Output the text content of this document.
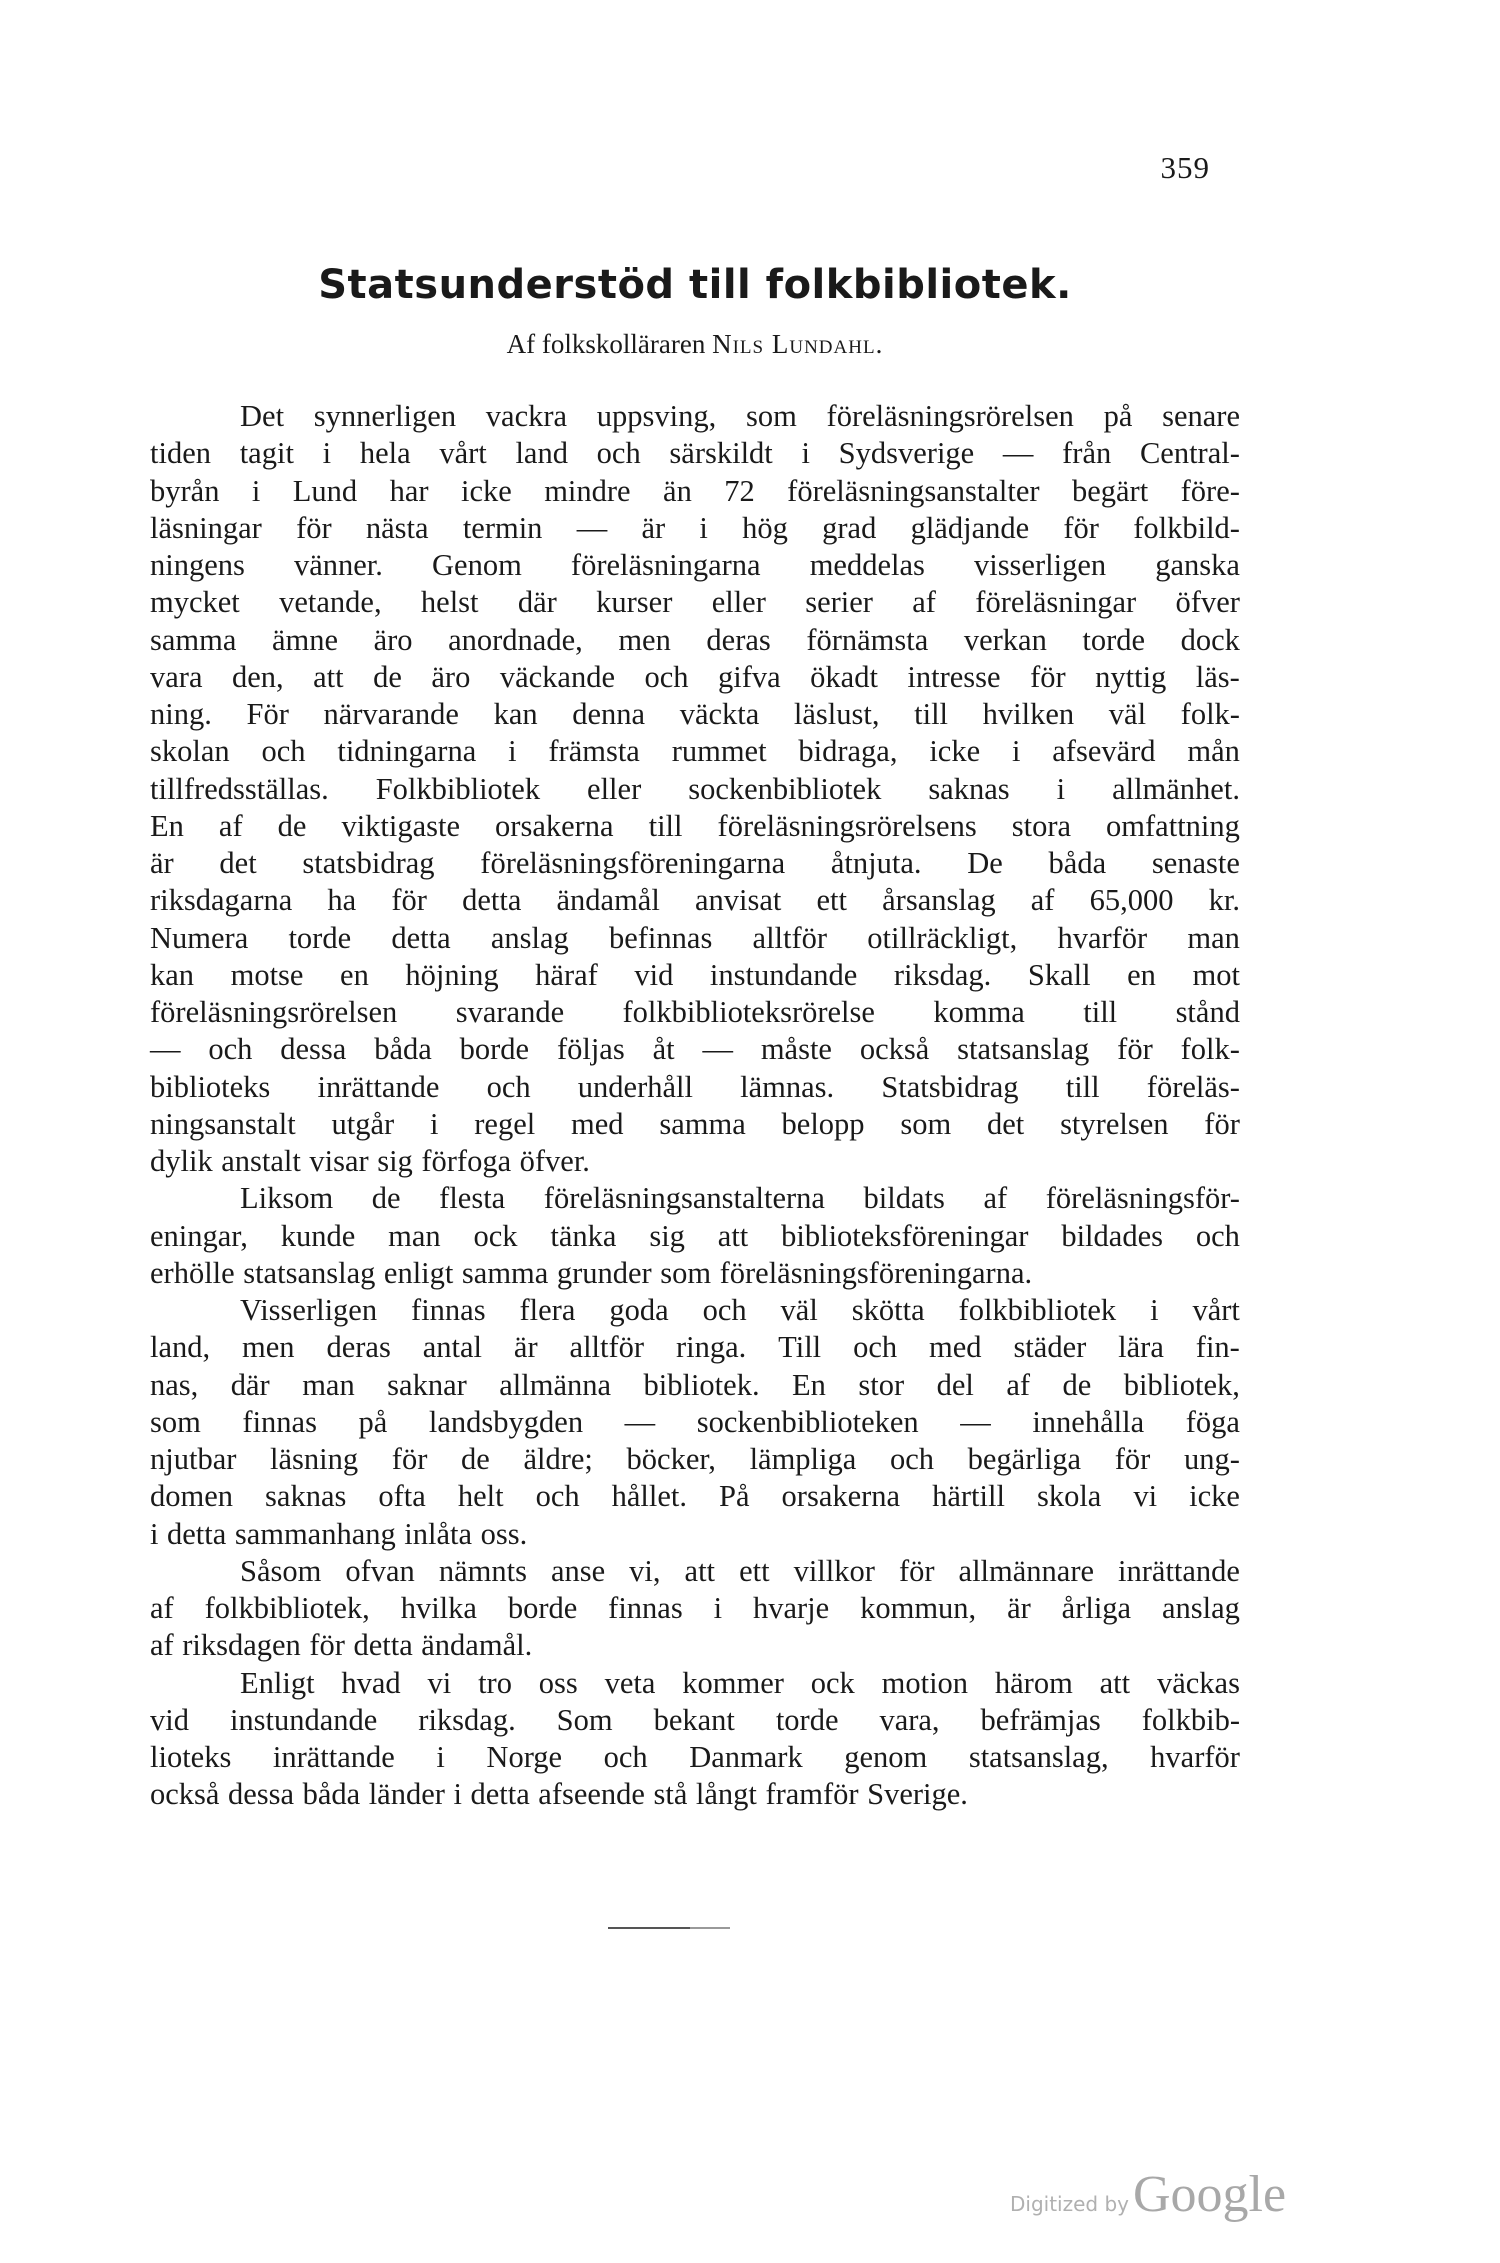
359
Statsunderstöd till folkbibliotek.
Af folkskolläraren Nils Lundahl.
Det synnerligen vackra uppsving, som föreläsningsrörelsen på senare
tiden tagit i hela vårt land och särskildt i Sydsverige — från Central-
byrån i Lund har icke mindre än 72 föreläsningsanstalter begärt före-
läsningar för nästa termin — är i hög grad glädjande för folkbild-
ningens vänner. Genom föreläsningarna meddelas visserligen ganska
mycket vetande, helst där kurser eller serier af föreläsningar öfver
samma ämne äro anordnade, men deras förnämsta verkan torde dock
vara den, att de äro väckande och gifva ökadt intresse för nyttig läs-
ning. För närvarande kan denna väckta läslust, till hvilken väl folk-
skolan och tidningarna i främsta rummet bidraga, icke i afsevärd mån
tillfredsställas. Folkbibliotek eller sockenbibliotek saknas i allmänhet.
En af de viktigaste orsakerna till föreläsningsrörelsens stora omfattning
är det statsbidrag föreläsningsföreningarna åtnjuta. De båda senaste
riksdagarna ha för detta ändamål anvisat ett årsanslag af 65,000 kr.
Numera torde detta anslag befinnas alltför otillräckligt, hvarför man
kan motse en höjning häraf vid instundande riksdag. Skall en mot
föreläsningsrörelsen svarande folkbiblioteksrörelse komma till stånd
— och dessa båda borde följas åt — måste också statsanslag för folk-
biblioteks inrättande och underhåll lämnas. Statsbidrag till föreläs-
ningsanstalt utgår i regel med samma belopp som det styrelsen för
dylik anstalt visar sig förfoga öfver.
Liksom de flesta föreläsningsanstalterna bildats af föreläsningsför-
eningar, kunde man ock tänka sig att biblioteksföreningar bildades och
erhölle statsanslag enligt samma grunder som föreläsningsföreningarna.
Visserligen finnas flera goda och väl skötta folkbibliotek i vårt
land, men deras antal är alltför ringa. Till och med städer lära fin-
nas, där man saknar allmänna bibliotek. En stor del af de bibliotek,
som finnas på landsbygden — sockenbiblioteken — innehålla föga
njutbar läsning för de äldre; böcker, lämpliga och begärliga för ung-
domen saknas ofta helt och hållet. På orsakerna härtill skola vi icke
i detta sammanhang inlåta oss.
Såsom ofvan nämnts anse vi, att ett villkor för allmännare inrättande
af folkbibliotek, hvilka borde finnas i hvarje kommun, är årliga anslag
af riksdagen för detta ändamål.
Enligt hvad vi tro oss veta kommer ock motion härom att väckas
vid instundande riksdag. Som bekant torde vara, befrämjas folkbib-
lioteks inrättande i Norge och Danmark genom statsanslag, hvarför
också dessa båda länder i detta afseende stå långt framför Sverige.
Digitized by Google
